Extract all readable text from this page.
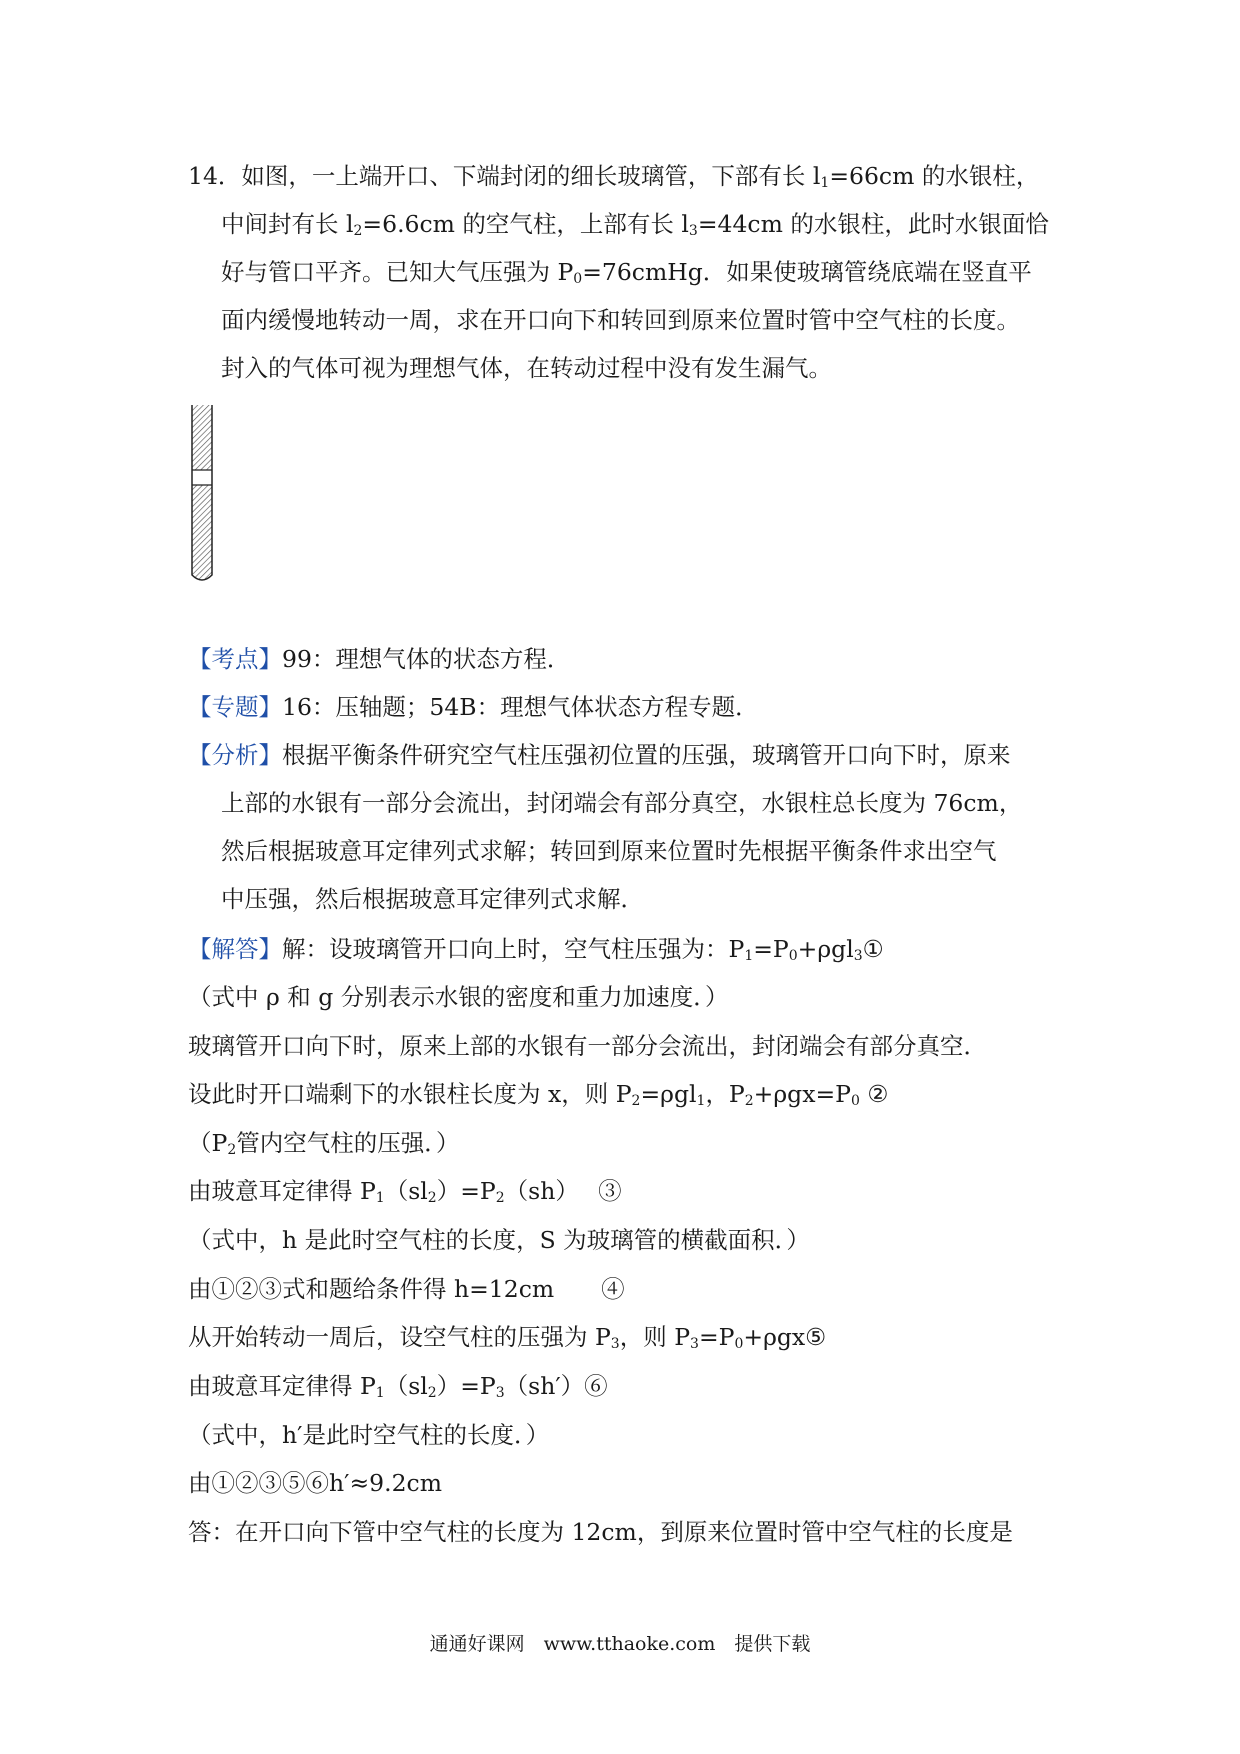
14．如图，一上端开口、下端封闭的细长玻璃管，下部有长 $l_1=66cm$ 的水银柱，
中间封有长 $l_2=6.6cm$ 的空气柱，上部有长 $l_3=44cm$ 的水银柱，此时水银面恰
好与管口平齐。已知大气压强为 $P_0=76cmHg$．如果使玻璃管绕底端在竖直平
面内缓慢地转动一周，求在开口向下和转回到原来位置时管中空气柱的长度。
封入的气体可视为理想气体，在转动过程中没有发生漏气。
【考点】99：理想气体的状态方程．
【专题】16：压轴题；54B：理想气体状态方程专题．
【分析】根据平衡条件研究空气柱压强初位置的压强，玻璃管开口向下时，原来
上部的水银有一部分会流出，封闭端会有部分真空，水银柱总长度为 76cm，
然后根据玻意耳定律列式求解；转回到原来位置时先根据平衡条件求出空气
中压强，然后根据玻意耳定律列式求解．
【解答】解：设玻璃管开口向上时，空气柱压强为：$P_1=P_0+\rho gl_3①$
（式中 ρ 和 g 分别表示水银的密度和重力加速度．）
玻璃管开口向下时，原来上部的水银有一部分会流出，封闭端会有部分真空．
设此时开口端剩下的水银柱长度为 x，则 $P_2=\rho gl_1$，$P_2+\rho gx=P_0$ ②
（$P_2$管内空气柱的压强．）
由玻意耳定律得 $P_1(sl_2)=P_2(sh)$　 ③
（式中，h 是此时空气柱的长度，S 为玻璃管的横截面积．）
由①②③式和题给条件得 h=12cm　　④
从开始转动一周后，设空气柱的压强为 $P_3$，则 $P_3=P_0+\rho gx⑤$
由玻意耳定律得 $P_1(sl_2)=P_3(sh')⑥$
（式中，h′是此时空气柱的长度．）
由①②③⑤⑥h′≈9.2cm
答：在开口向下管中空气柱的长度为 12cm，到原来位置时管中空气柱的长度是
通通好课网　www.tthaoke.com　提供下载
